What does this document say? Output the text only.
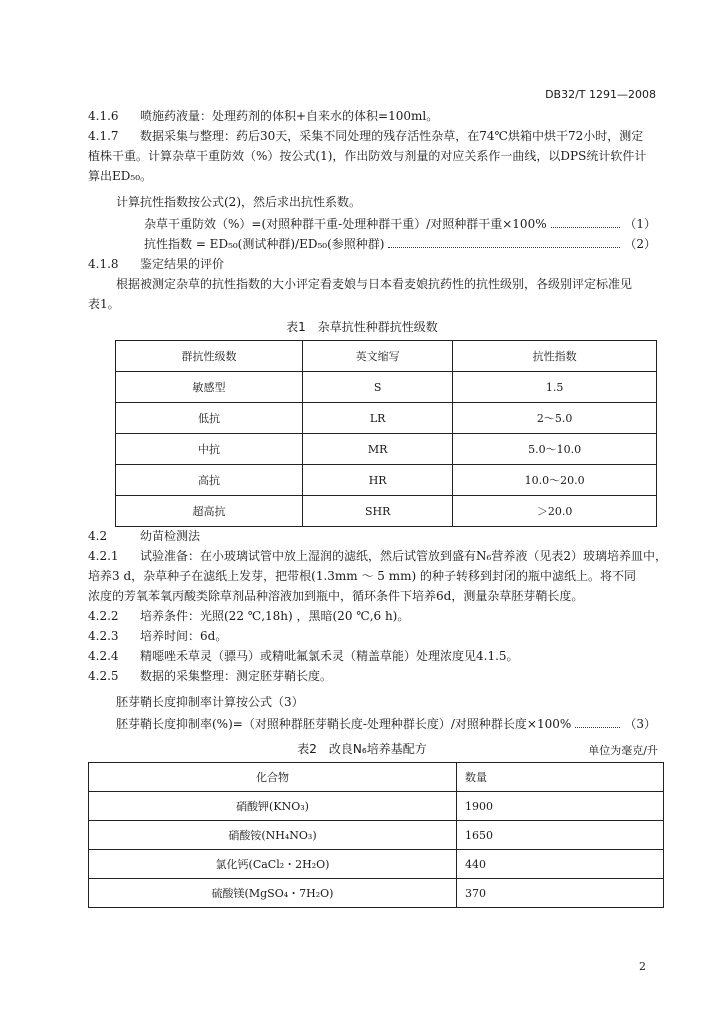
DB32/T 1291—2008
4.1.6 喷施药液量：处理药剂的体积+自来水的体积=100ml。
4.1.7 数据采集与整理：药后30天，采集不同处理的残存活性杂草，在74℃烘箱中烘干72小时，测定
植株干重。计算杂草干重防效（%）按公式(1)，作出防效与剂量的对应关系作一曲线，以DPS统计软件计
算出ED₅₀。
计算抗性指数按公式(2)，然后求出抗性系数。
杂草干重防效（%）=(对照种群干重-处理种群干重）/对照种群干重×100%	（1）
抗性指数 = ED₅₀(测试种群)/ED₅₀(参照种群)	（2）
4.1.8 鉴定结果的评价
根据被测定杂草的抗性指数的大小评定看麦娘与日本看麦娘抗药性的抗性级别，各级别评定标准见
表1。
表1　杂草抗性种群抗性级数
群抗性级数	英文缩写	抗性指数
敏感型	S	1.5
低抗	LR	2～5.0
中抗	MR	5.0～10.0
高抗	HR	10.0～20.0
超高抗	SHR	＞20.0
4.2	幼苗检测法
4.2.1 试验准备：在小玻璃试管中放上湿润的滤纸，然后试管放到盛有N₆营养液（见表2）玻璃培养皿中，
培养3 d，杂草种子在滤纸上发芽，把带根(1.3mm ～ 5 mm) 的种子转移到封闭的瓶中滤纸上。将不同
浓度的芳氧苯氧丙酸类除草剂品种溶液加到瓶中，循环条件下培养6d，测量杂草胚芽鞘长度。
4.2.2 培养条件：光照(22 ℃,18h) ，黑暗(20 ℃,6 h)。
4.2.3 培养时间：6d。
4.2.4 精噁唑禾草灵（骠马）或精吡氟氯禾灵（精盖草能）处理浓度见4.1.5。
4.2.5 数据的采集整理：测定胚芽鞘长度。
胚芽鞘长度抑制率计算按公式（3）
胚芽鞘长度抑制率(%)=（对照种群胚芽鞘长度-处理种群长度）/对照种群长度×100%	（3）
表2　改良N₆培养基配方	单位为毫克/升
化合物	数量
硝酸钾(KNO₃)	1900
硝酸铵(NH₄NO₃)	1650
氯化钙(CaCl₂・2H₂O)	440
硫酸镁(MgSO₄・7H₂O)	370
2
